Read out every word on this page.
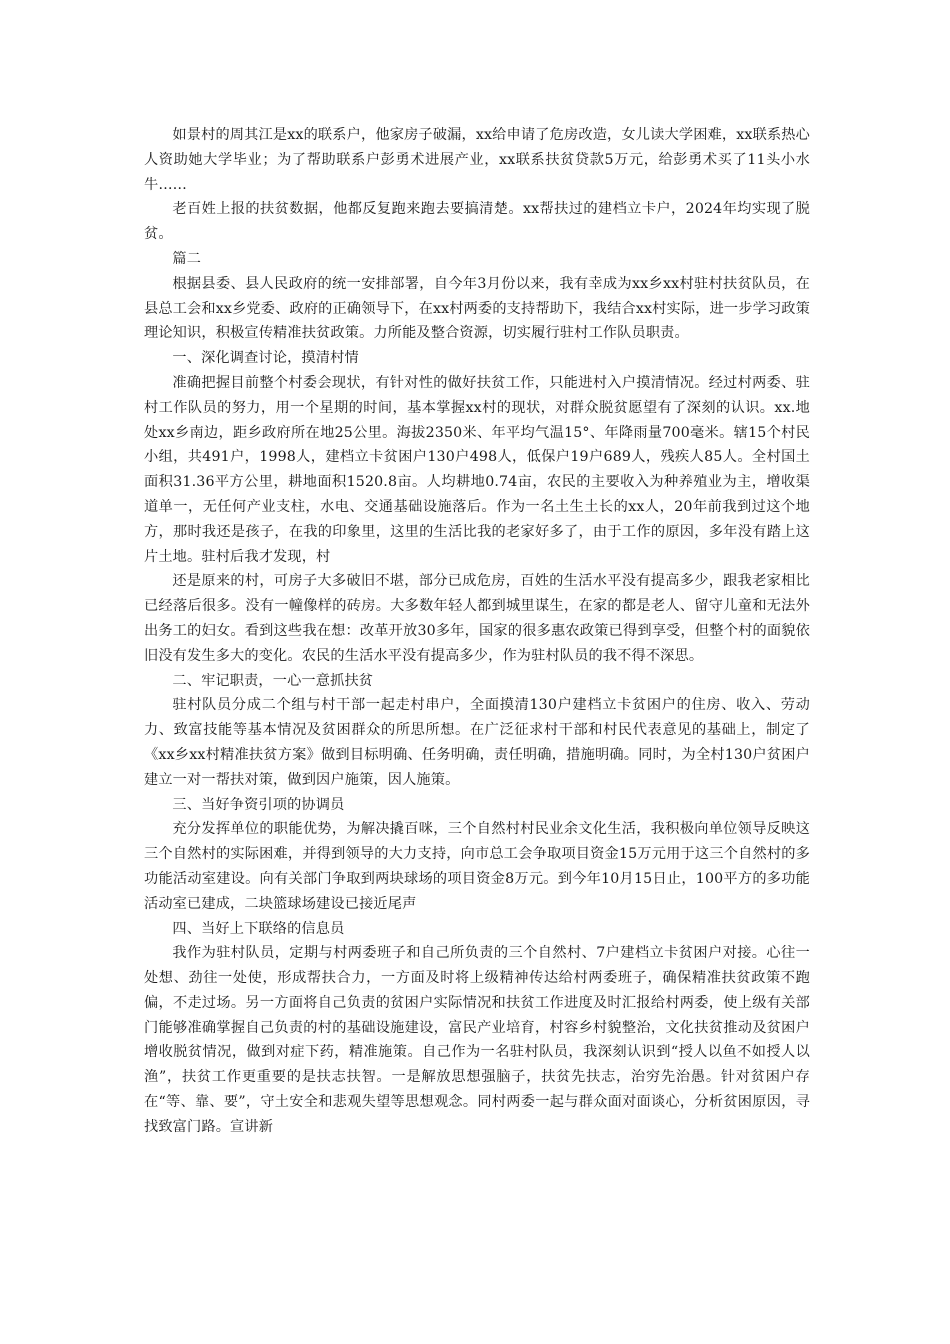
如景村的周其江是xx的联系户，他家房子破漏，xx给申请了危房改造，女儿读大学困难，xx联系热心人资助她大学毕业；为了帮助联系户彭勇术进展产业，xx联系扶贫贷款5万元，给彭勇术买了11头小水牛……

老百姓上报的扶贫数据，他都反复跑来跑去要搞清楚。xx帮扶过的建档立卡户，2024年均实现了脱贫。

篇二

根据县委、县人民政府的统一安排部署，自今年3月份以来，我有幸成为xx乡xx村驻村扶贫队员，在县总工会和xx乡党委、政府的正确领导下，在xx村两委的支持帮助下，我结合xx村实际，进一步学习政策理论知识，积极宣传精准扶贫政策。力所能及整合资源，切实履行驻村工作队员职责。

一、深化调查讨论，摸清村情

准确把握目前整个村委会现状，有针对性的做好扶贫工作，只能进村入户摸清情况。经过村两委、驻村工作队员的努力，用一个星期的时间，基本掌握xx村的现状，对群众脱贫愿望有了深刻的认识。xx.地处xx乡南边，距乡政府所在地25公里。海拔2350米、年平均气温15°、年降雨量700毫米。辖15个村民小组，共491户，1998人，建档立卡贫困户130户498人，低保户19户689人，残疾人85人。全村国土面积31.36平方公里，耕地面积1520.8亩。人均耕地0.74亩，农民的主要收入为种养殖业为主，增收渠道单一，无任何产业支柱，水电、交通基础设施落后。作为一名土生土长的xx人，20年前我到过这个地方，那时我还是孩子，在我的印象里，这里的生活比我的老家好多了，由于工作的原因，多年没有踏上这片土地。驻村后我才发现，村

还是原来的村，可房子大多破旧不堪，部分已成危房，百姓的生活水平没有提高多少，跟我老家相比已经落后很多。没有一幢像样的砖房。大多数年轻人都到城里谋生，在家的都是老人、留守儿童和无法外出务工的妇女。看到这些我在想：改革开放30多年，国家的很多惠农政策已得到享受，但整个村的面貌依旧没有发生多大的变化。农民的生活水平没有提高多少，作为驻村队员的我不得不深思。

二、牢记职责，一心一意抓扶贫

驻村队员分成二个组与村干部一起走村串户，全面摸清130户建档立卡贫困户的住房、收入、劳动力、致富技能等基本情况及贫困群众的所思所想。在广泛征求村干部和村民代表意见的基础上，制定了《xx乡xx村精准扶贫方案》做到目标明确、任务明确，责任明确，措施明确。同时，为全村130户贫困户建立一对一帮扶对策，做到因户施策，因人施策。

三、当好争资引项的协调员

充分发挥单位的职能优势，为解决撬百咪，三个自然村村民业余文化生活，我积极向单位领导反映这三个自然村的实际困难，并得到领导的大力支持，向市总工会争取项目资金15万元用于这三个自然村的多功能活动室建设。向有关部门争取到两块球场的项目资金8万元。到今年10月15日止，100平方的多功能活动室已建成，二块篮球场建设已接近尾声

四、当好上下联络的信息员

我作为驻村队员，定期与村两委班子和自己所负责的三个自然村、7户建档立卡贫困户对接。心往一处想、劲往一处使，形成帮扶合力，一方面及时将上级精神传达给村两委班子，确保精准扶贫政策不跑偏，不走过场。另一方面将自己负责的贫困户实际情况和扶贫工作进度及时汇报给村两委，使上级有关部门能够准确掌握自己负责的村的基础设施建设，富民产业培育，村容乡村貌整治，文化扶贫推动及贫困户增收脱贫情况，做到对症下药，精准施策。自己作为一名驻村队员，我深刻认识到“授人以鱼不如授人以渔”，扶贫工作更重要的是扶志扶智。一是解放思想强脑子，扶贫先扶志，治穷先治愚。针对贫困户存在“等、靠、要”，守土安全和悲观失望等思想观念。同村两委一起与群众面对面谈心，分析贫困原因，寻找致富门路。宣讲新
